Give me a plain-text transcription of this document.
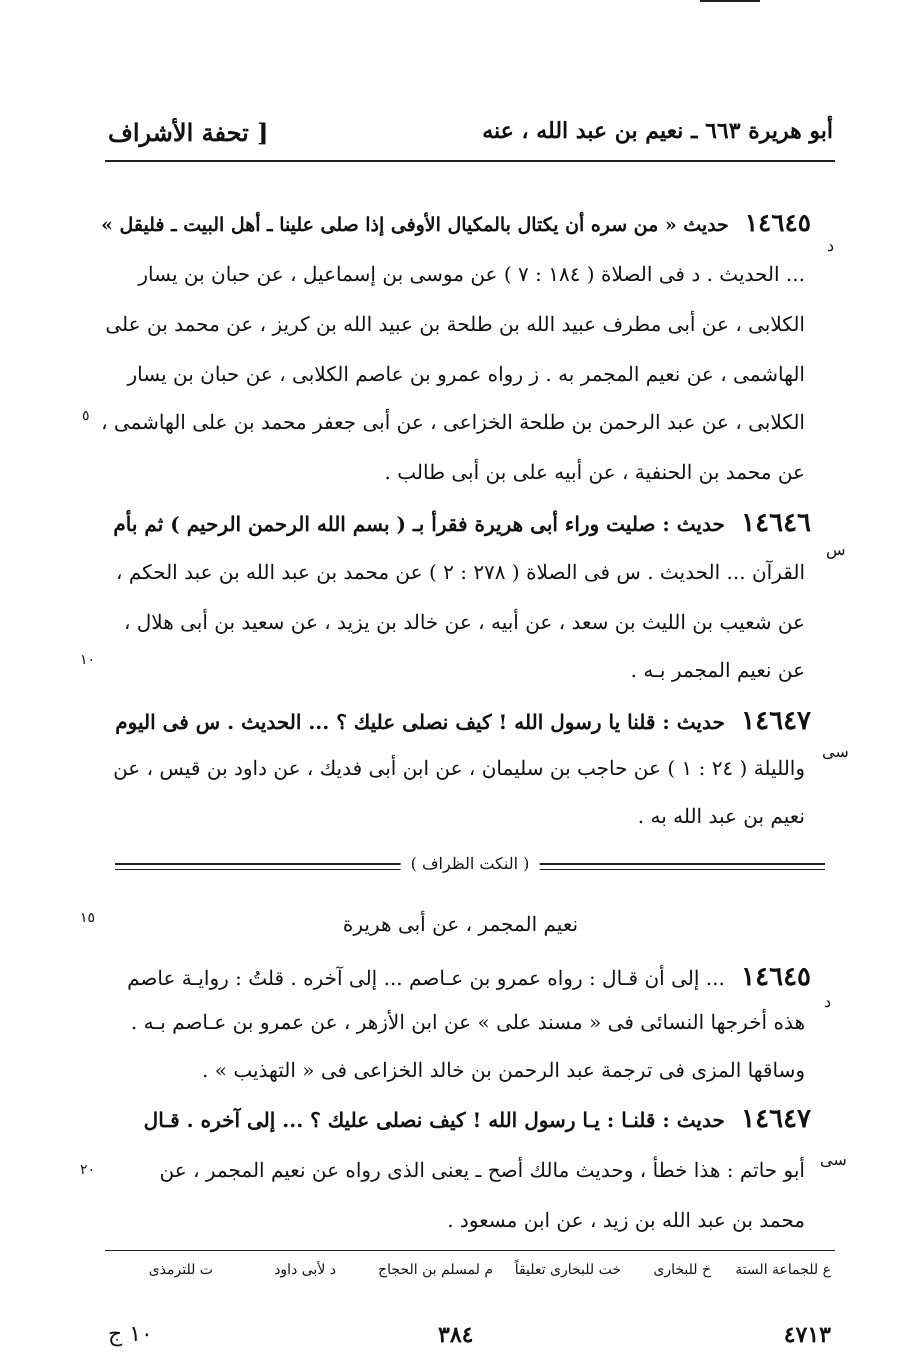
أبو هريرة ٦٦٣ ـ نعيم بن عبد الله ، عنه
[ تحفة الأشراف
١٤٦٤٥ حديث « من سره أن يكتال بالمكيال الأوفى إذا صلى علينا ـ أهل البيت ـ فليقل »
د
... الحديث . د فى الصلاة ( ١٨٤ : ٧ ) عن موسى بن إسماعيل ، عن حبان بن يسار
الكلابى ، عن أبى مطرف عبيد الله بن طلحة بن عبيد الله بن كريز ، عن محمد بن على
الهاشمى ، عن نعيم المجمر به . ز رواه عمرو بن عاصم الكلابى ، عن حبان بن يسار
الكلابى ، عن عبد الرحمن بن طلحة الخزاعى ، عن أبى جعفر محمد بن على الهاشمى ،
عن محمد بن الحنفية ، عن أبيه على بن أبى طالب .
١٤٦٤٦ حديث : صليت وراء أبى هريرة فقرأ بـ ( بسم الله الرحمن الرحيم ) ثم بأم
س
القرآن ... الحديث . س فى الصلاة ( ٢٧٨ : ٢ ) عن محمد بن عبد الله بن عبد الحكم ،
عن شعيب بن الليث بن سعد ، عن أبيه ، عن خالد بن يزيد ، عن سعيد بن أبى هلال ،
عن نعيم المجمر بـه .
١٤٦٤٧ حديث : قلنا يا رسول الله ! كيف نصلى عليك ؟ ... الحديث . س فى اليوم
سى
والليلة ( ٢٤ : ١ ) عن حاجب بن سليمان ، عن ابن أبى فديك ، عن داود بن قيس ، عن
نعيم بن عبد الله به .
( النكت الظراف )
نعيم المجمر ، عن أبى هريرة
١٤٦٤٥ ... إلى أن قـال : رواه عمرو بن عـاصم ... إلى آخره . قلتُ : روايـة عاصم
د
هذه أخرجها النسائى فى « مسند على » عن ابن الأزهر ، عن عمرو بن عـاصم بـه .
وساقها المزى فى ترجمة عبد الرحمن بن خالد الخزاعى فى « التهذيب » .
١٤٦٤٧ حديث : قلنـا : يـا رسول الله ! كيف نصلى عليك ؟ ... إلى آخره . قـال
سى
أبو حاتم : هذا خطأ ، وحديث مالك أصح ـ يعنى الذى رواه عن نعيم المجمر ، عن
محمد بن عبد الله بن زيد ، عن ابن مسعود .
٥
١٠
١٥
٢٠
ع للجماعة الستة
خ للبخارى
خت للبخارى تعليقاً
م لمسلم بن الحجاج
د لأبى داود
ت للترمذى
٤٧١٣
٣٨٤
١٠ ج
